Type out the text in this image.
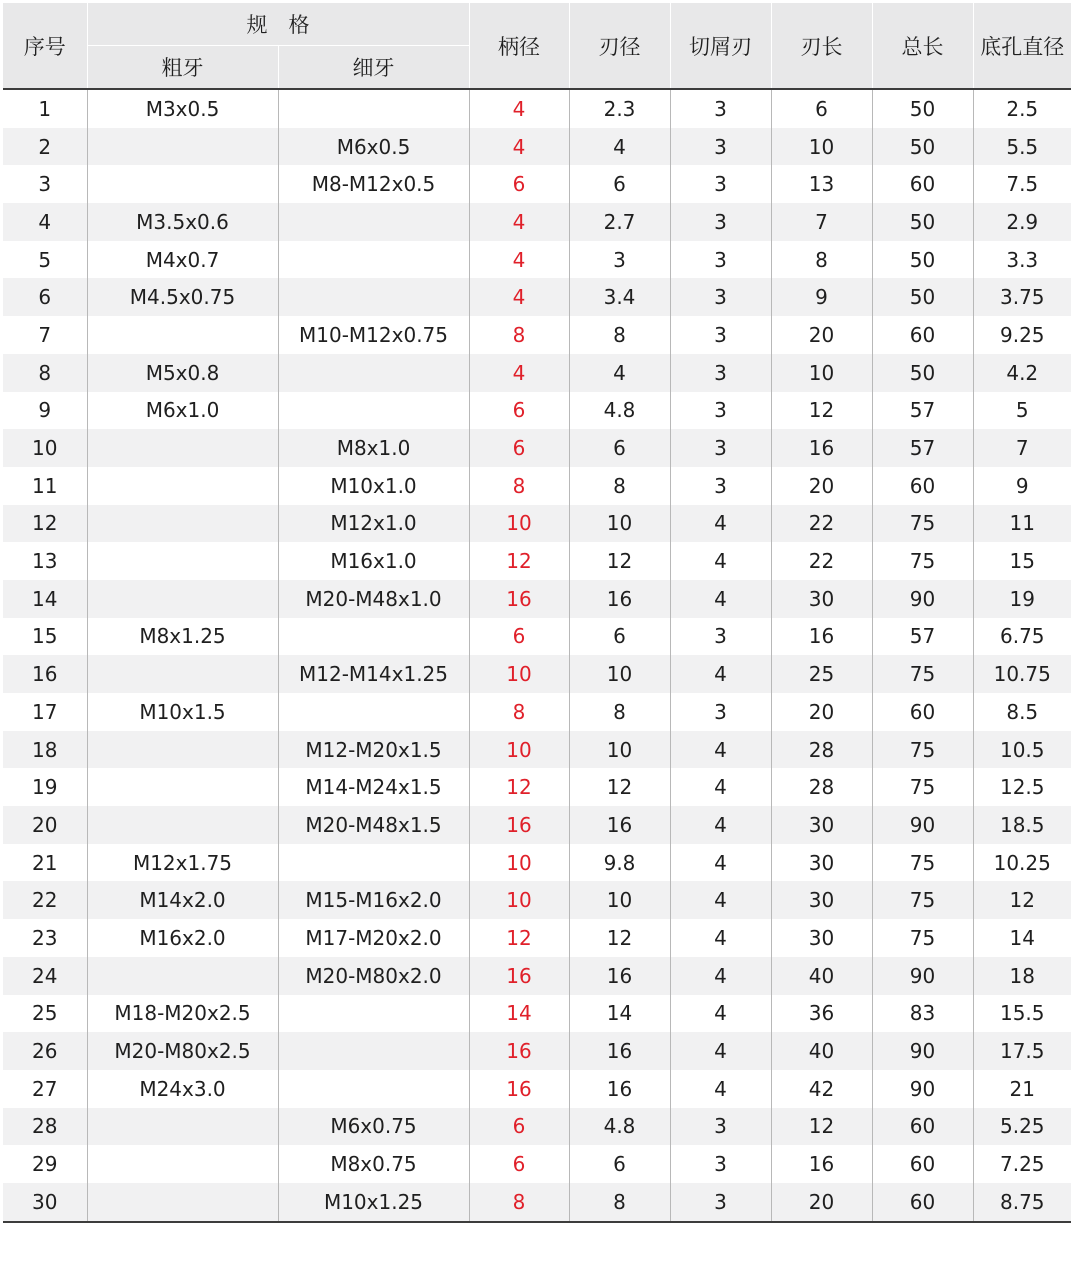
序号	规　格		柄径	刃径	切屑刃	刃长	总长	底孔直径
	粗牙	细牙						
1	M3x0.5		4	2.3	3	6	50	2.5
2		M6x0.5	4	4	3	10	50	5.5
3		M8-M12x0.5	6	6	3	13	60	7.5
4	M3.5x0.6		4	2.7	3	7	50	2.9
5	M4x0.7		4	3	3	8	50	3.3
6	M4.5x0.75		4	3.4	3	9	50	3.75
7		M10-M12x0.75	8	8	3	20	60	9.25
8	M5x0.8		4	4	3	10	50	4.2
9	M6x1.0		6	4.8	3	12	57	5
10		M8x1.0	6	6	3	16	57	7
11		M10x1.0	8	8	3	20	60	9
12		M12x1.0	10	10	4	22	75	11
13		M16x1.0	12	12	4	22	75	15
14		M20-M48x1.0	16	16	4	30	90	19
15	M8x1.25		6	6	3	16	57	6.75
16		M12-M14x1.25	10	10	4	25	75	10.75
17	M10x1.5		8	8	3	20	60	8.5
18		M12-M20x1.5	10	10	4	28	75	10.5
19		M14-M24x1.5	12	12	4	28	75	12.5
20		M20-M48x1.5	16	16	4	30	90	18.5
21	M12x1.75		10	9.8	4	30	75	10.25
22	M14x2.0	M15-M16x2.0	10	10	4	30	75	12
23	M16x2.0	M17-M20x2.0	12	12	4	30	75	14
24		M20-M80x2.0	16	16	4	40	90	18
25	M18-M20x2.5		14	14	4	36	83	15.5
26	M20-M80x2.5		16	16	4	40	90	17.5
27	M24x3.0		16	16	4	42	90	21
28		M6x0.75	6	4.8	3	12	60	5.25
29		M8x0.75	6	6	3	16	60	7.25
30		M10x1.25	8	8	3	20	60	8.75
